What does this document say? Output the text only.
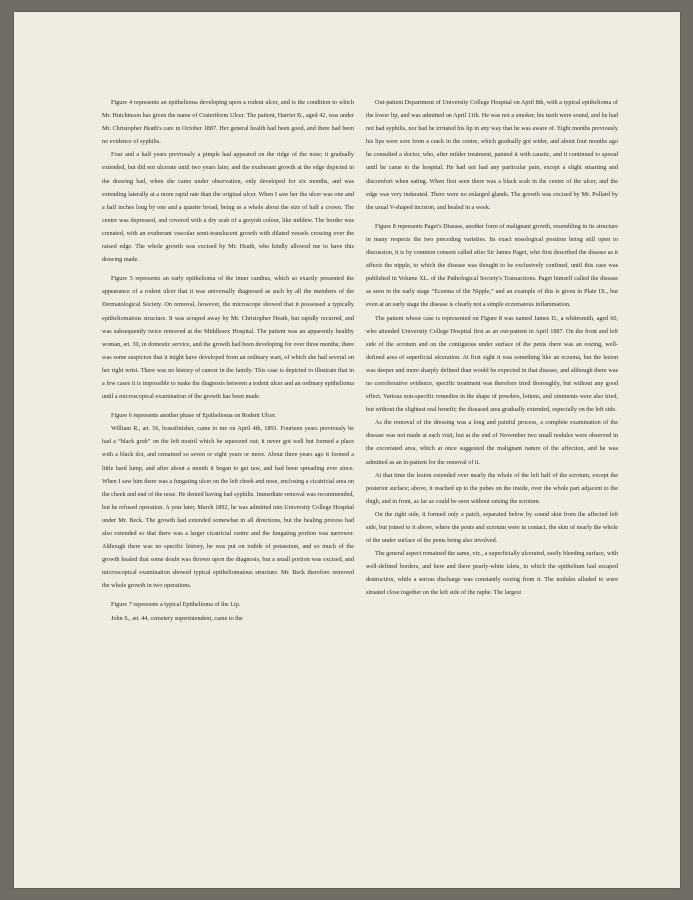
Figure 4 represents an epithelioma developing upon a rodent ulcer, and is the condition to which Mr. Hutchinson has given the name of Crateriform Ulcer. The patient, Harriet B., aged 42, was under Mr. Christopher Heath's care in October 1887. Her general health had been good, and there had been no evidence of syphilis.

Four and a half years previously a pimple had appeared on the ridge of the nose; it gradually extended, but did not ulcerate until two years later, and the exuberant growth at the edge depicted in the drawing had, when she came under observation, only developed for six months, and was extending laterally at a more rapid rate than the original ulcer. When I saw her the ulcer was one and a half inches long by one and a quarter broad, being as a whole about the size of half a crown. The centre was depressed, and covered with a dry scab of a greyish colour, like mildew. The border was crenated, with an exuberant vascular semi-translucent growth with dilated vessels crossing over the raised edge. The whole growth was excised by Mr. Heath, who kindly allowed me to have this drawing made.

Figure 5 represents an early epithelioma of the inner canthus, which so exactly presented the appearance of a rodent ulcer that it was universally diagnosed as such by all the members of the Dermatological Society. On removal, however, the microscope showed that it possessed a typically epitheliomatous structure. It was scraped away by Mr. Christopher Heath, but rapidly recurred, and was subsequently twice removed at the Middlesex Hospital. The patient was an apparently healthy woman, æt. 30, in domestic service, and the growth had been developing for over three months; there was some suspicion that it might have developed from an ordinary wart, of which she had several on her right wrist. There was no history of cancer in the family. This case is depicted to illustrate that in a few cases it is impossible to make the diagnosis between a rodent ulcer and an ordinary epithelioma until a microscopical examination of the growth has been made.

Figure 6 represents another phase of Epithelioma on Rodent Ulcer.

William R., æt. 56, brassfinisher, came to me on April 4th, 1891. Fourteen years previously he had a “black grub” on the left nostril which he squeezed out; it never got well but formed a place with a black dot, and remained so seven or eight years or more. About three years ago it formed a little hard lump, and after about a month it began to get raw, and had been spreading ever since. When I saw him there was a fungating ulcer on the left cheek and nose, enclosing a cicatricial area on the cheek and end of the nose. He denied having had syphilis. Immediate removal was recommended, but he refused operation. A year later, March 1892, he was admitted into University College Hospital under Mr. Beck. The growth had extended somewhat in all directions, but the healing process had also extended so that there was a larger cicatricial centre and the fungating portion was narrower. Although there was no specific history, he was put on iodide of potassium, and so much of the growth healed that some doubt was thrown upon the diagnosis, but a small portion was excised, and microscopical examination showed typical epitheliomatous structure. Mr. Beck therefore removed the whole growth in two operations.

Figure 7 represents a typical Epithelioma of the Lip.

John S., æt. 44, cemetery superintendent, came to the

Out-patient Department of University College Hospital on April 8th, with a typical epithelioma of the lower lip, and was admitted on April 11th. He was not a smoker, his teeth were sound, and he had not had syphilis, nor had he irritated his lip in any way that he was aware of. Eight months previously his lips were sore from a crack in the centre, which gradually got wider, and about four months ago he consulted a doctor, who, after milder treatment, painted it with caustic, and it continued to spread until he came to the hospital. He had not had any particular pain, except a slight smarting and discomfort when eating. When first seen there was a black scab in the centre of the ulcer, and the edge was very indurated. There were no enlarged glands. The growth was excised by Mr. Pollard by the usual V-shaped incision, and healed in a week.

Figure 8 represents Paget's Disease, another form of malignant growth, resembling in its structure in many respects the two preceding varieties. Its exact nosological position being still open to discussion, it is by common consent called after Sir James Paget, who first described the disease as it affects the nipple, to which the disease was thought to be exclusively confined, until this case was published in Volume XL. of the Pathological Society's Transactions. Paget himself called the disease as seen in the early stage “Eczema of the Nipple,” and an example of this is given in Plate IX., but even at an early stage the disease is clearly not a simple eczematous inflammation.

The patient whose case is represented on Figure 8 was named James D., a whitesmith, aged 60, who attended University College Hospital first as an out-patient in April 1887. On the front and left side of the scrotum and on the contiguous under surface of the penis there was an oozing, well-defined area of superficial ulceration. At first sight it was something like an eczema, but the lesion was deeper and more sharply defined than would be expected in that disease, and although there was no corroborative evidence, specific treatment was therefore tried thoroughly, but without any good effect. Various non-specific remedies in the shape of powders, lotions, and ointments were also tried, but without the slightest real benefit; the diseased area gradually extended, especially on the left side.

As the removal of the dressing was a long and painful process, a complete examination of the disease was not made at each visit, but at the end of November two small nodules were observed in the excoriated area, which at once suggested the malignant nature of the affection, and he was admitted as an in-patient for the removal of it.

At that time the lesion extended over nearly the whole of the left half of the scrotum, except the posterior surface; above, it reached up to the pubes on the inside, over the whole part adjacent to the thigh, and in front, as far as could be seen without raising the scrotum.

On the right side, it formed only a patch, separated below by sound skin from the affected left side, but joined to it above, where the penis and scrotum were in contact, the skin of nearly the whole of the under surface of the penis being also involved.

The general aspect remained the same, viz., a superficially ulcerated, easily bleeding surface, with well-defined borders, and here and there pearly-white islets, in which the epithelium had escaped destruction, while a serous discharge was constantly oozing from it. The nodules alluded to were situated close together on the left side of the raphe. The largest
